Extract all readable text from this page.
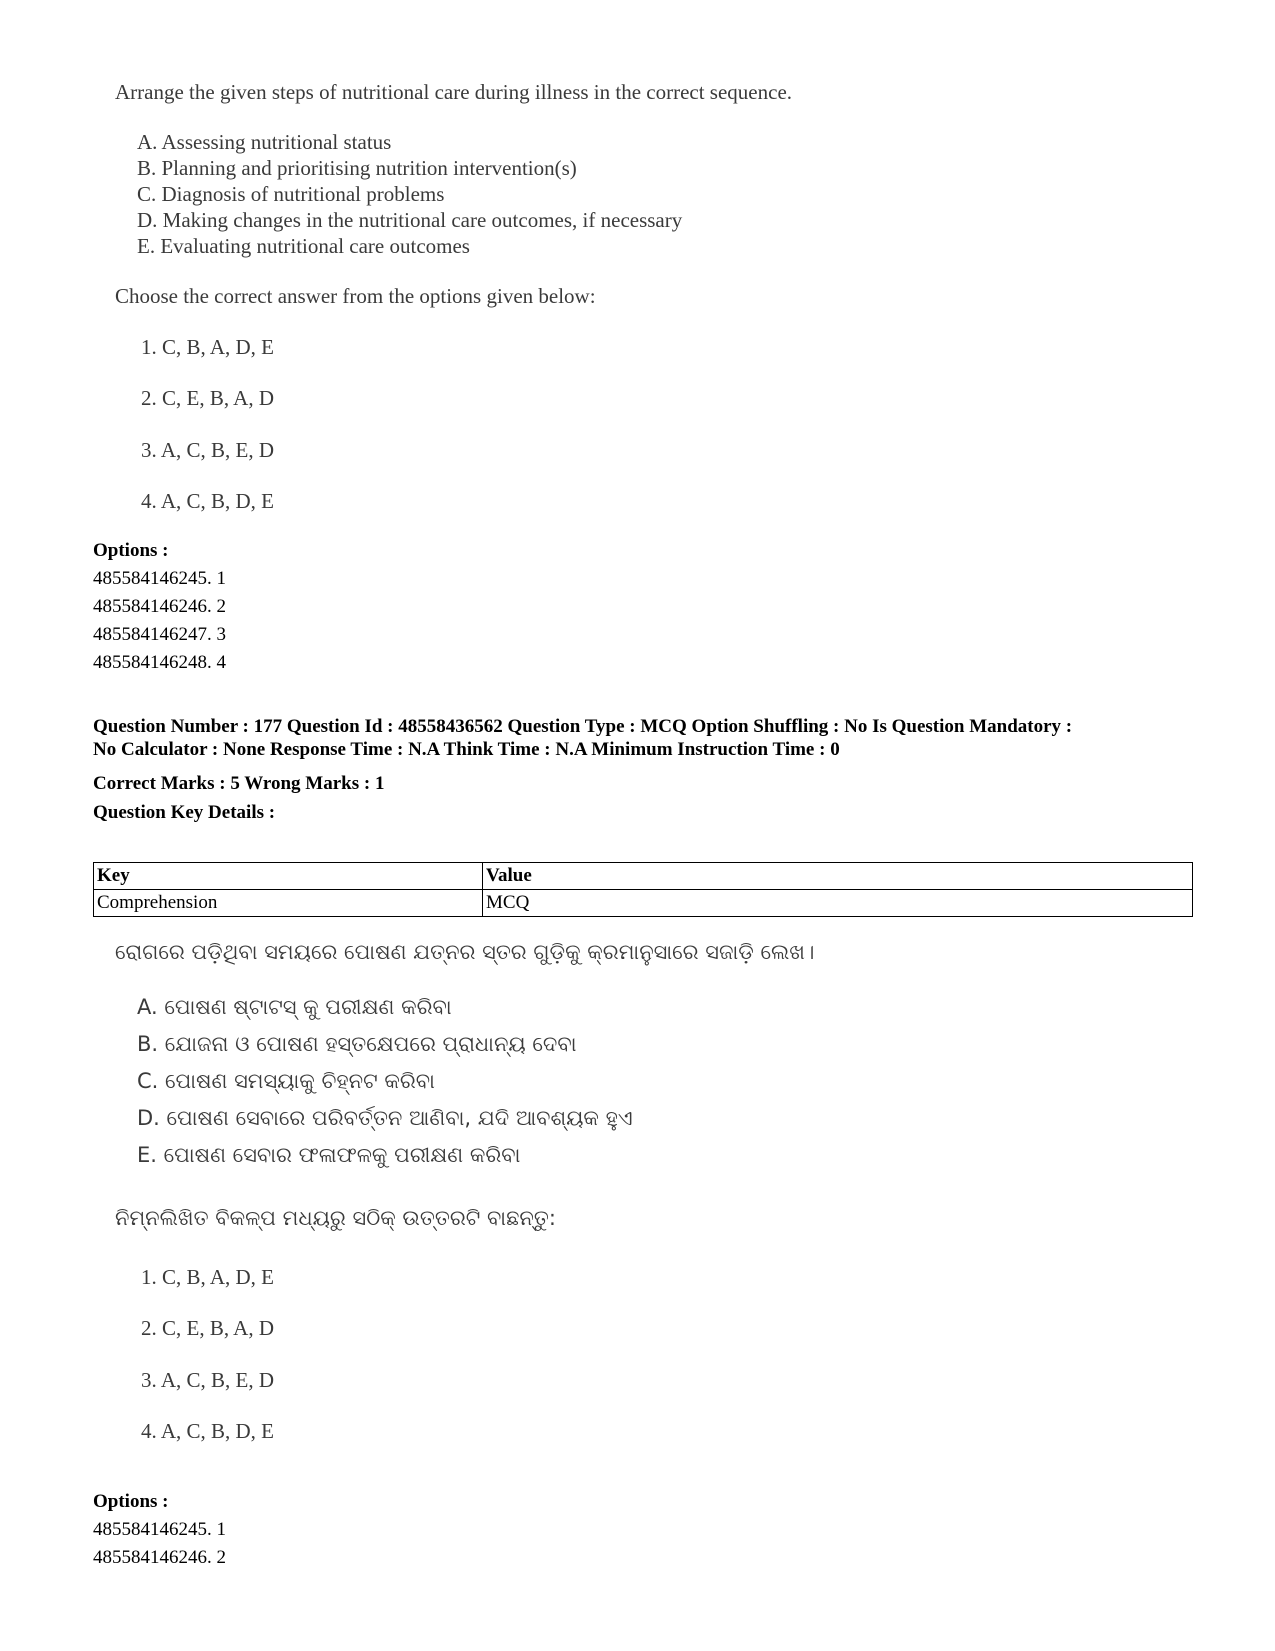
Arrange the given steps of nutritional care during illness in the correct sequence.
A. Assessing nutritional status
B. Planning and prioritising nutrition intervention(s)
C. Diagnosis of nutritional problems
D. Making changes in the nutritional care outcomes, if necessary
E. Evaluating nutritional care outcomes
Choose the correct answer from the options given below:
1. C, B, A, D, E
2. C, E, B, A, D
3. A, C, B, E, D
4. A, C, B, D, E
Options :
485584146245. 1
485584146246. 2
485584146247. 3
485584146248. 4
Question Number : 177 Question Id : 48558436562 Question Type : MCQ Option Shuffling : No Is Question Mandatory :
No Calculator : None Response Time : N.A Think Time : N.A Minimum Instruction Time : 0
Correct Marks : 5 Wrong Marks : 1
Question Key Details :
Key	Value
Comprehension	MCQ
ରୋଗରେ ପଡ଼ିଥିବା ସମୟରେ ପୋଷଣ ଯତ୍ନର ସ୍ତର ଗୁଡ଼ିକୁ କ୍ରମାନୁସାରେ ସଜାଡ଼ି ଲେଖ।
A. ପୋଷଣ ଷ୍ଟାଟସ୍ କୁ ପରୀକ୍ଷଣ କରିବା
B. ଯୋଜନା ଓ ପୋଷଣ ହସ୍ତକ୍ଷେପରେ ପ୍ରାଧାନ୍ୟ ଦେବା
C. ପୋଷଣ ସମସ୍ୟାକୁ ଚିହ୍ନଟ କରିବା
D. ପୋଷଣ ସେବାରେ ପରିବର୍ତ୍ତନ ଆଣିବା, ଯଦି ଆବଶ୍ୟକ ହୁଏ
E. ପୋଷଣ ସେବାର ଫଳାଫଳକୁ ପରୀକ୍ଷଣ କରିବା
ନିମ୍ନଲିଖିତ ବିକଳ୍ପ ମଧ୍ୟରୁ ସଠିକ୍ ଉତ୍ତରଟି ବାଛନ୍ତୁ:
1. C, B, A, D, E
2. C, E, B, A, D
3. A, C, B, E, D
4. A, C, B, D, E
Options :
485584146245. 1
485584146246. 2
